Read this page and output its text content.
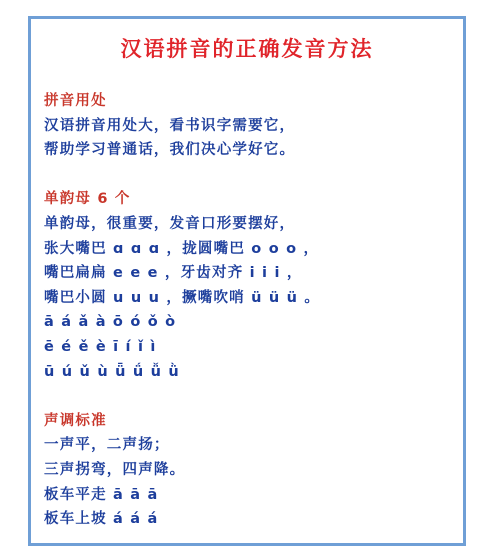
汉语拼音的正确发音方法
拼音用处
汉语拼音用处大，看书识字需要它，
帮助学习普通话，我们决心学好它。
单韵母 6 个
单韵母，很重要，发音口形要摆好，
张大嘴巴 ɑ ɑ ɑ ，拢圆嘴巴 o o o ，
嘴巴扁扁 e e e ，牙齿对齐 i i i ，
嘴巴小圆 u u u ，撅嘴吹哨 ü ü ü 。
ā á ǎ à ō ó ǒ ò
ē é ě è ī í ǐ ì
ū ú ǔ ù ǖ ǘ ǚ ǜ
声调标准
一声平，二声扬；
三声拐弯，四声降。
板车平走 ā ā ā
板车上坡 á á á
